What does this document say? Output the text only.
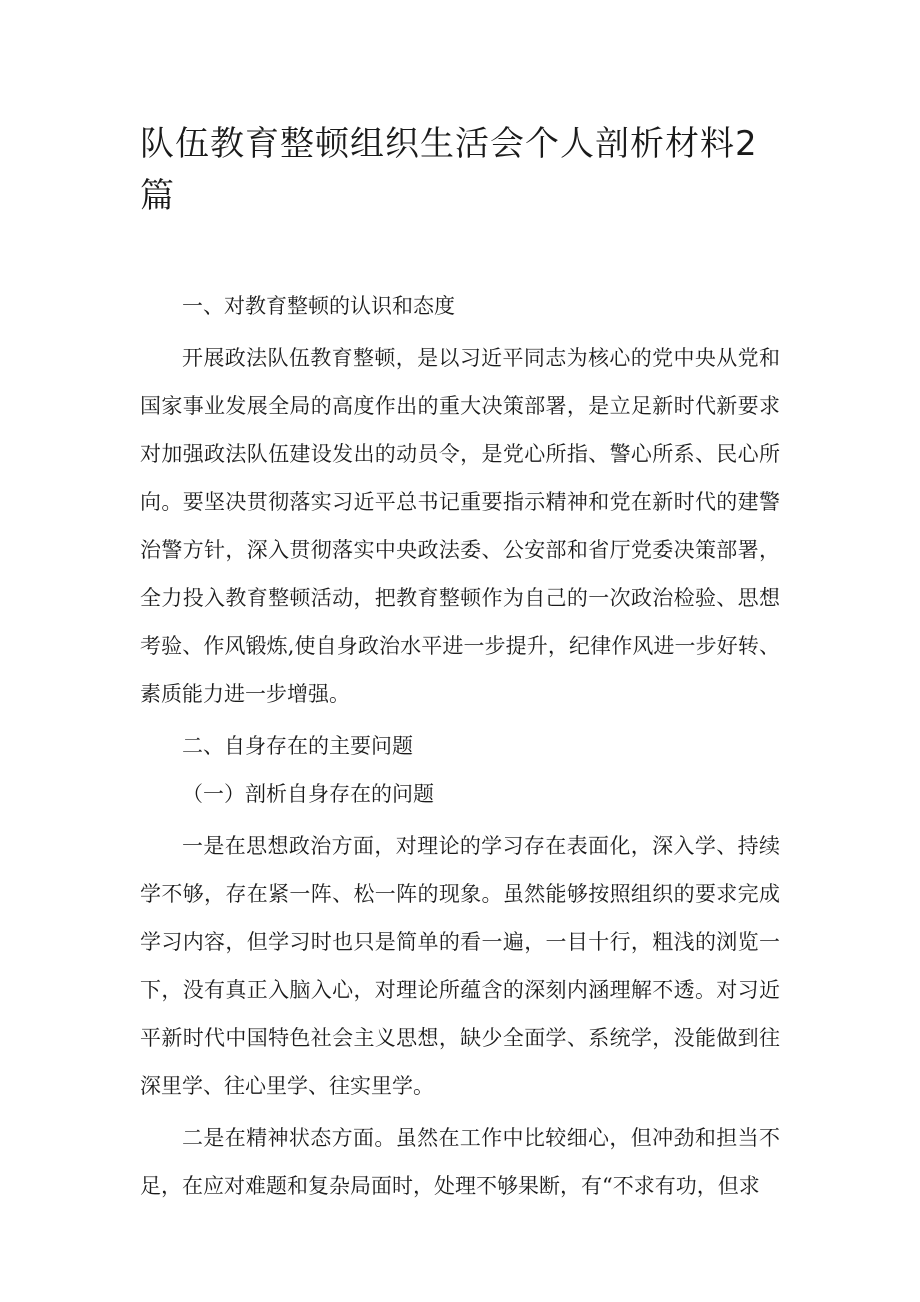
队伍教育整顿组织生活会个人剖析材料2篇

一、对教育整顿的认识和态度

开展政法队伍教育整顿，是以习近平同志为核心的党中央从党和国家事业发展全局的高度作出的重大决策部署，是立足新时代新要求对加强政法队伍建设发出的动员令，是党心所指、警心所系、民心所向。要坚决贯彻落实习近平总书记重要指示精神和党在新时代的建警治警方针，深入贯彻落实中央政法委、公安部和省厅党委决策部署，全力投入教育整顿活动，把教育整顿作为自己的一次政治检验、思想考验、作风锻炼,使自身政治水平进一步提升，纪律作风进一步好转、素质能力进一步增强。

二、自身存在的主要问题

（一）剖析自身存在的问题

一是在思想政治方面，对理论的学习存在表面化，深入学、持续学不够，存在紧一阵、松一阵的现象。虽然能够按照组织的要求完成学习内容，但学习时也只是简单的看一遍，一目十行，粗浅的浏览一下，没有真正入脑入心，对理论所蕴含的深刻内涵理解不透。对习近平新时代中国特色社会主义思想，缺少全面学、系统学，没能做到往深里学、往心里学、往实里学。

二是在精神状态方面。虽然在工作中比较细心，但冲劲和担当不足，在应对难题和复杂局面时，处理不够果断，有“不求有功，但求
